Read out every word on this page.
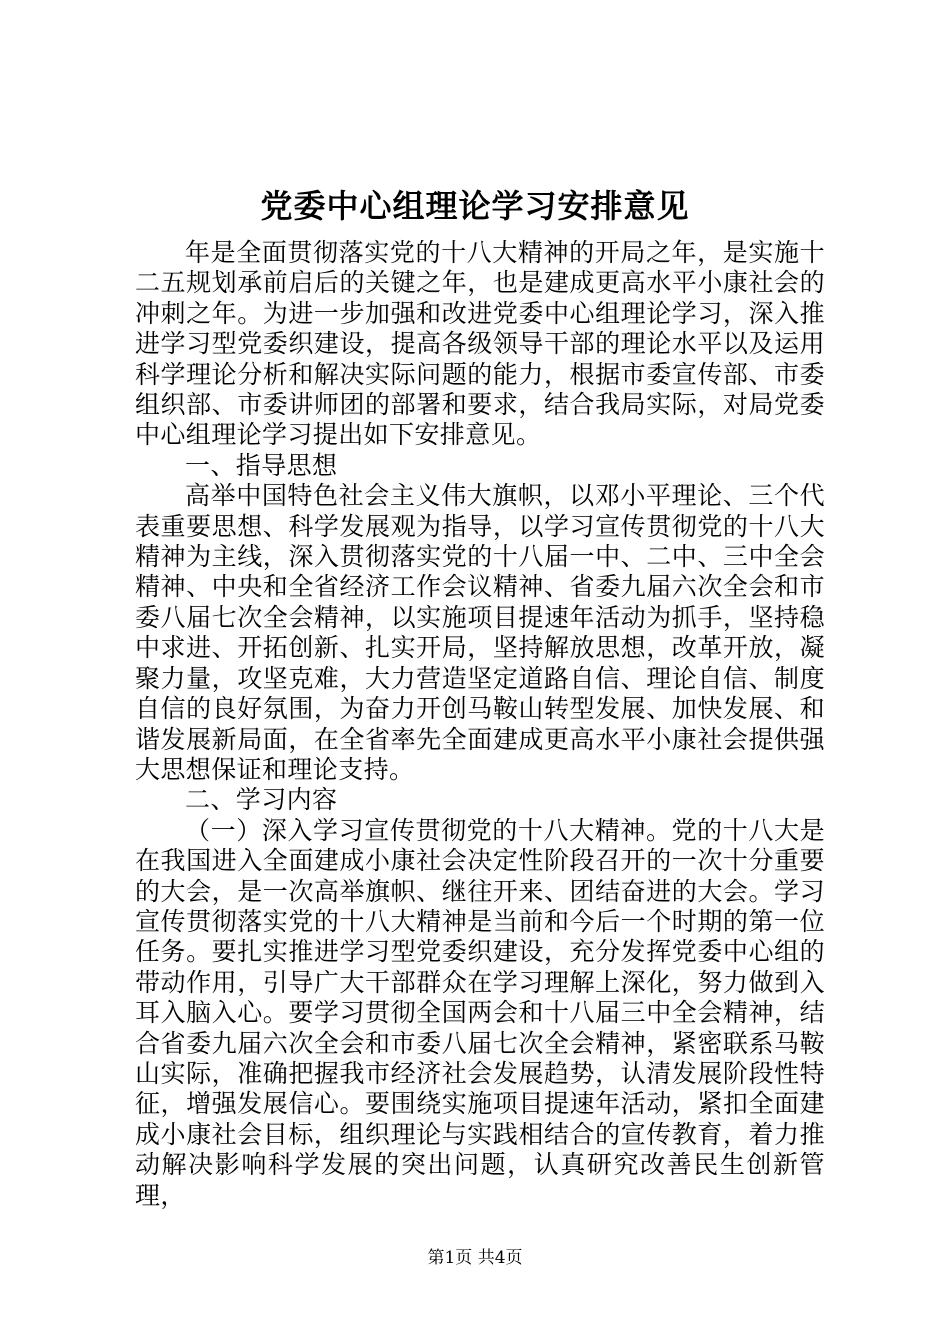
党委中心组理论学习安排意见

年是全面贯彻落实党的十八大精神的开局之年，是实施十二五规划承前启后的关键之年，也是建成更高水平小康社会的冲刺之年。为进一步加强和改进党委中心组理论学习，深入推进学习型党委织建设，提高各级领导干部的理论水平以及运用科学理论分析和解决实际问题的能力，根据市委宣传部、市委组织部、市委讲师团的部署和要求，结合我局实际，对局党委中心组理论学习提出如下安排意见。

一、指导思想

高举中国特色社会主义伟大旗帜，以邓小平理论、三个代表重要思想、科学发展观为指导，以学习宣传贯彻党的十八大精神为主线，深入贯彻落实党的十八届一中、二中、三中全会精神、中央和全省经济工作会议精神、省委九届六次全会和市委八届七次全会精神，以实施项目提速年活动为抓手，坚持稳中求进、开拓创新、扎实开局，坚持解放思想，改革开放，凝聚力量，攻坚克难，大力营造坚定道路自信、理论自信、制度自信的良好氛围，为奋力开创马鞍山转型发展、加快发展、和谐发展新局面，在全省率先全面建成更高水平小康社会提供强大思想保证和理论支持。

二、学习内容

（一）深入学习宣传贯彻党的十八大精神。党的十八大是在我国进入全面建成小康社会决定性阶段召开的一次十分重要的大会，是一次高举旗帜、继往开来、团结奋进的大会。学习宣传贯彻落实党的十八大精神是当前和今后一个时期的第一位任务。要扎实推进学习型党委织建设，充分发挥党委中心组的带动作用，引导广大干部群众在学习理解上深化，努力做到入耳入脑入心。要学习贯彻全国两会和十八届三中全会精神，结合省委九届六次全会和市委八届七次全会精神，紧密联系马鞍山实际，准确把握我市经济社会发展趋势，认清发展阶段性特征，增强发展信心。要围绕实施项目提速年活动，紧扣全面建成小康社会目标，组织理论与实践相结合的宣传教育，着力推动解决影响科学发展的突出问题，认真研究改善民生创新管理，

第1页 共4页
